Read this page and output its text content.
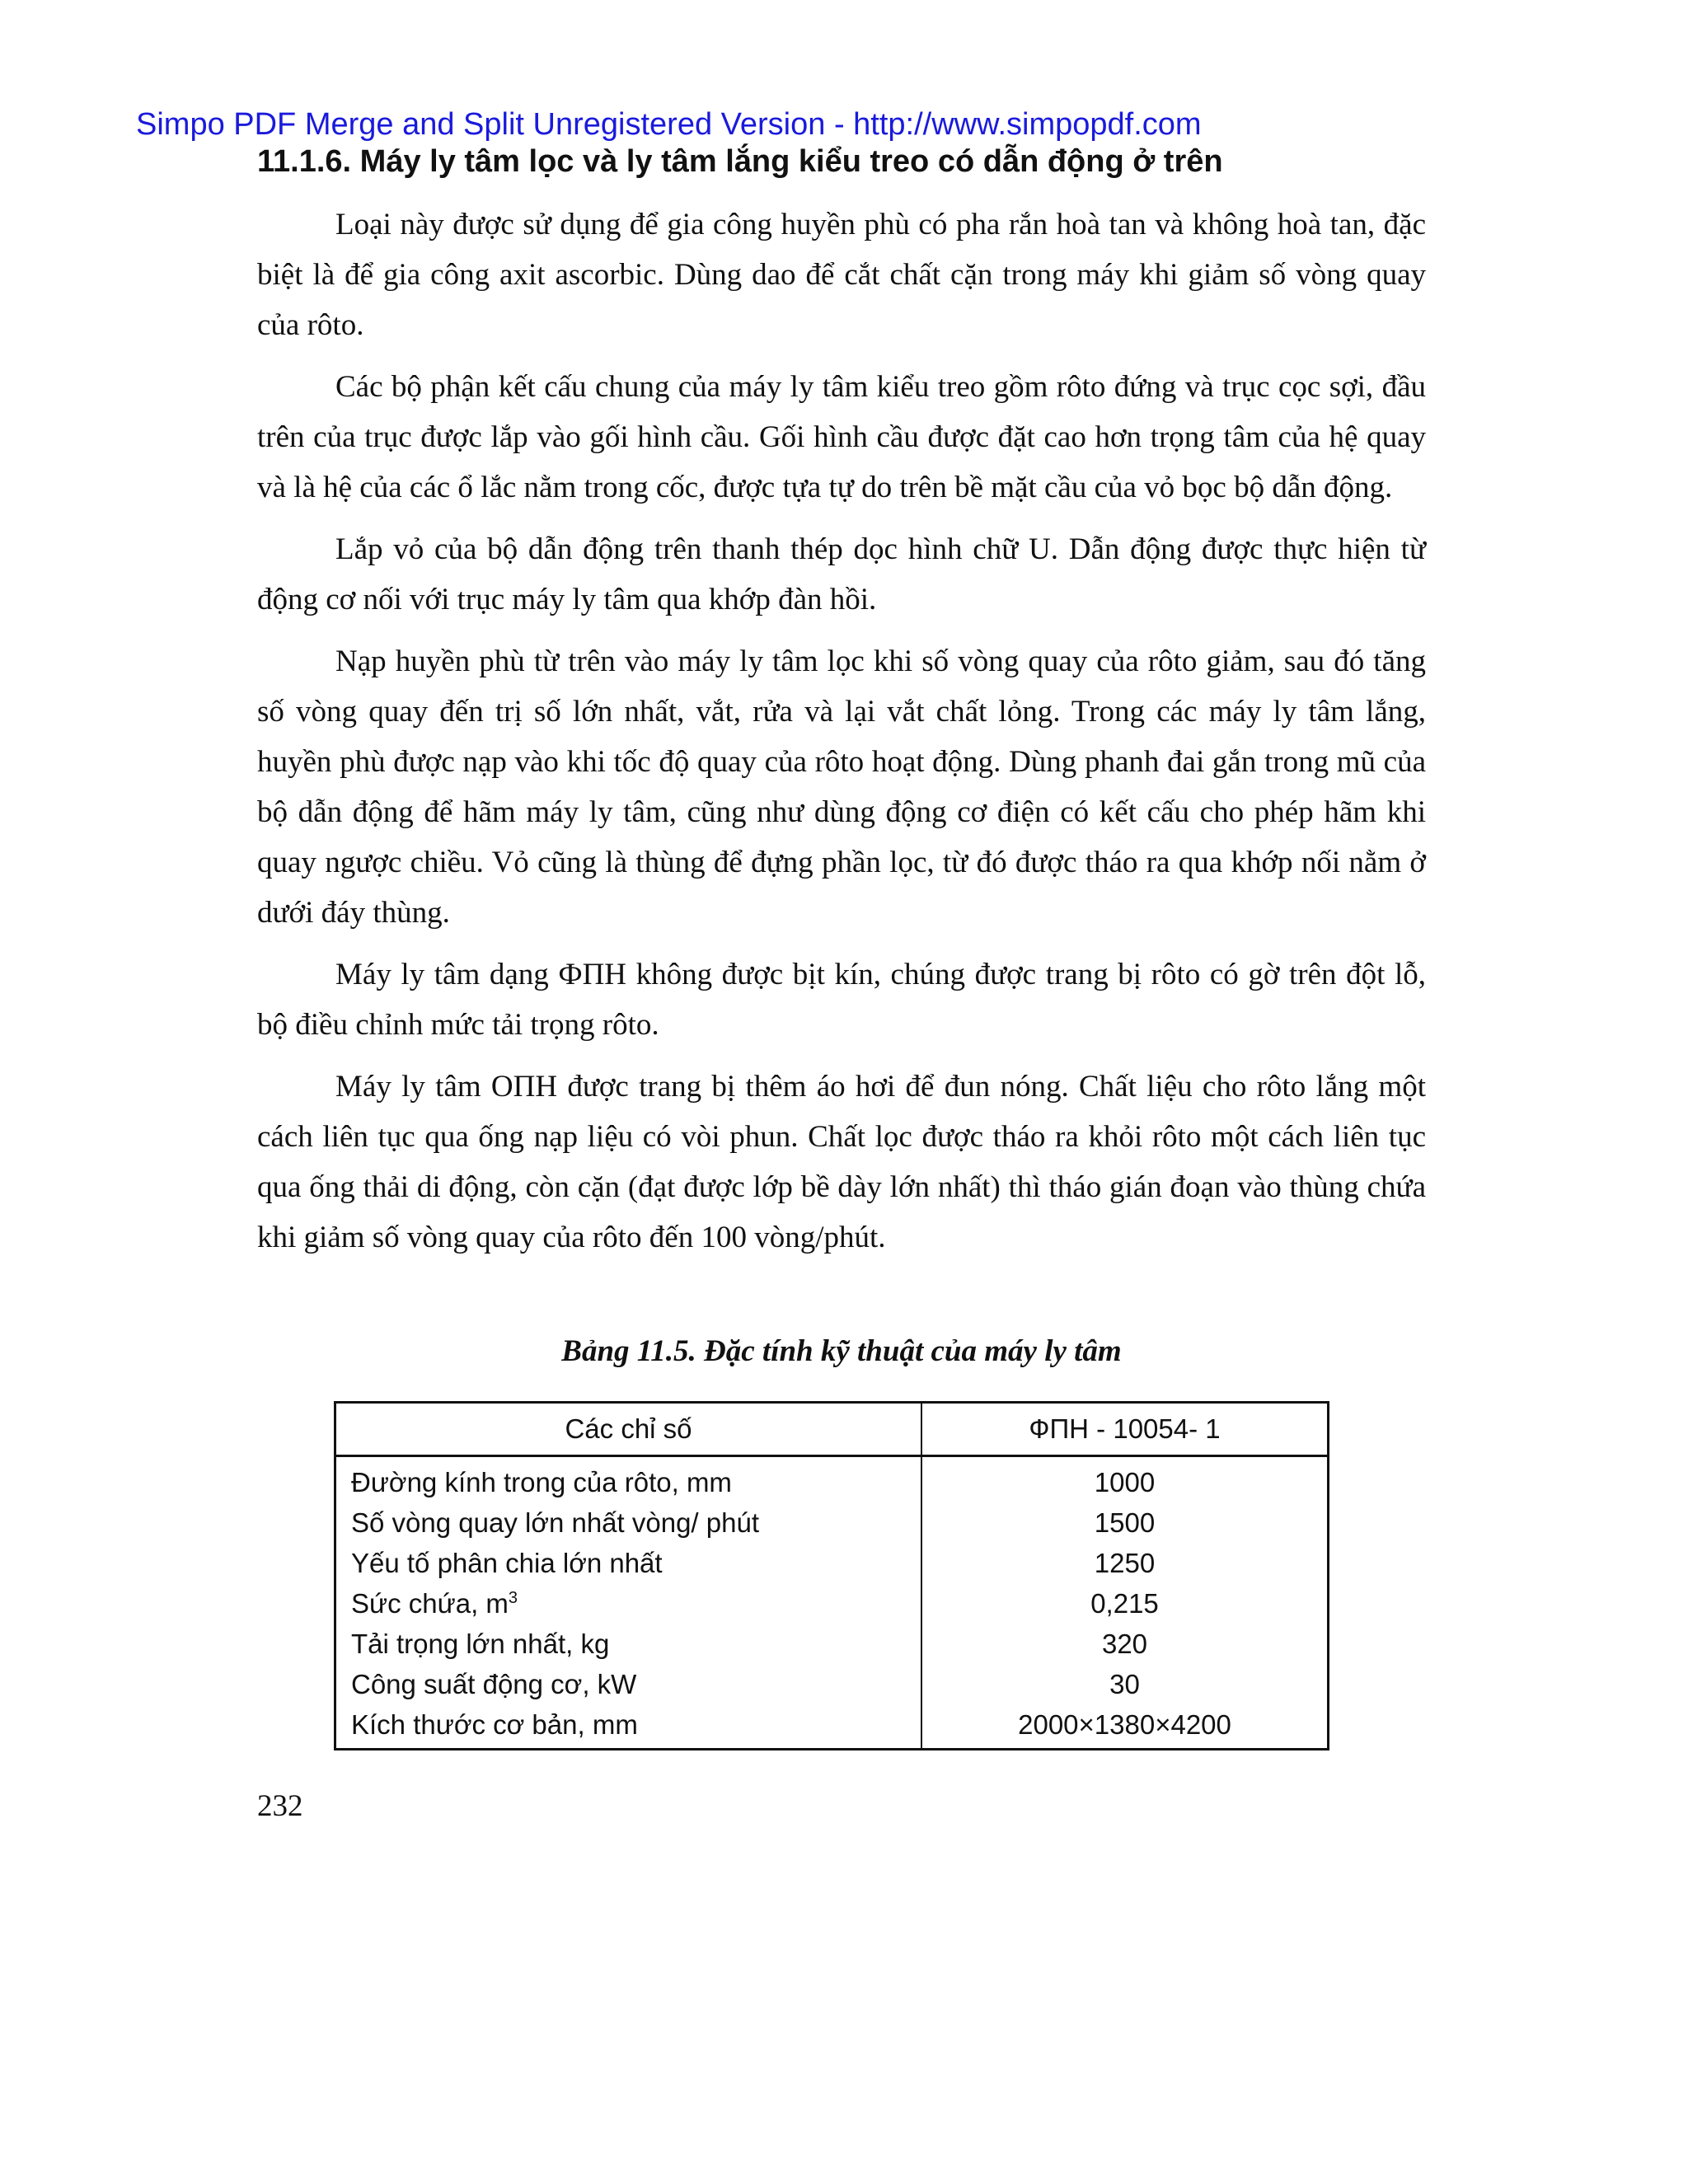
Simpo PDF Merge and Split Unregistered Version - http://www.simpopdf.com

11.1.6. Máy ly tâm lọc và ly tâm lắng kiểu treo có dẫn động ở trên

Loại này được sử dụng để gia công huyền phù có pha rắn hoà tan và không hoà tan, đặc biệt là để gia công axit ascorbic. Dùng dao để cắt chất cặn trong máy khi giảm số vòng quay của rôto.

Các bộ phận kết cấu chung của máy ly tâm kiểu treo gồm rôto đứng và trục cọc sợi, đầu trên của trục được lắp vào gối hình cầu. Gối hình cầu được đặt cao hơn trọng tâm của hệ quay và là hệ của các ổ lắc nằm trong cốc, được tựa tự do trên bề mặt cầu của vỏ bọc bộ dẫn động.

Lắp vỏ của bộ dẫn động trên thanh thép dọc hình chữ U. Dẫn động được thực hiện từ động cơ nối với trục máy ly tâm qua khớp đàn hồi.

Nạp huyền phù từ trên vào máy ly tâm lọc khi số vòng quay của rôto giảm, sau đó tăng số vòng quay đến trị số lớn nhất, vắt, rửa và lại vắt chất lỏng. Trong các máy ly tâm lắng, huyền phù được nạp vào khi tốc độ quay của rôto hoạt động. Dùng phanh đai gắn trong mũ của bộ dẫn động để hãm máy ly tâm, cũng như dùng động cơ điện có kết cấu cho phép hãm khi quay ngược chiều. Vỏ cũng là thùng để đựng phần lọc, từ đó được tháo ra qua khớp nối nằm ở dưới đáy thùng.

Máy ly tâm dạng ФПН không được bịt kín, chúng được trang bị rôto có gờ trên đột lỗ, bộ điều chỉnh mức tải trọng rôto.

Máy ly tâm ОПН được trang bị thêm áo hơi để đun nóng. Chất liệu cho rôto lắng một cách liên tục qua ống nạp liệu có vòi phun. Chất lọc được tháo ra khỏi rôto một cách liên tục qua ống thải di động, còn cặn (đạt được lớp bề dày lớn nhất) thì tháo gián đoạn vào thùng chứa khi giảm số vòng quay của rôto đến 100 vòng/phút.

Bảng 11.5. Đặc tính kỹ thuật của máy ly tâm

Các chỉ số	ФПН - 10054- 1
Đường kính trong của rôto, mm	1000
Số vòng quay lớn nhất vòng/ phút	1500
Yếu tố phân chia lớn nhất	1250
Sức chứa, $m^3$	0,215
Tải trọng lớn nhất, kg	320
Công suất động cơ, kW	30
Kích thước cơ bản, mm	2000×1380×4200

232
